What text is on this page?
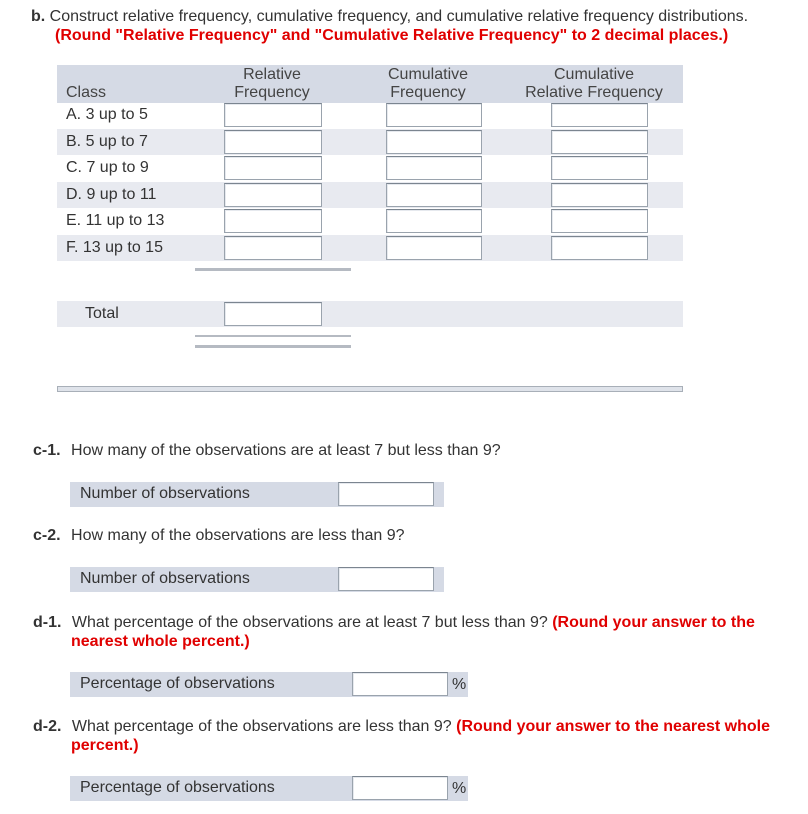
b. Construct relative frequency, cumulative frequency, and cumulative relative frequency distributions.
(Round "Relative Frequency" and "Cumulative Relative Frequency" to 2 decimal places.)
Class
Relative
Frequency
Cumulative
Frequency
Cumulative
Relative Frequency
A. 3 up to 5
B. 5 up to 7
C. 7 up to 9
D. 9 up to 11
E. 11 up to 13
F. 13 up to 15
Total
c-1. How many of the observations are at least 7 but less than 9?
Number of observations
c-2. How many of the observations are less than 9?
Number of observations
d-1. What percentage of the observations are at least 7 but less than 9? (Round your answer to the
nearest whole percent.)
Percentage of observations	%
d-2. What percentage of the observations are less than 9? (Round your answer to the nearest whole
percent.)
Percentage of observations	%
